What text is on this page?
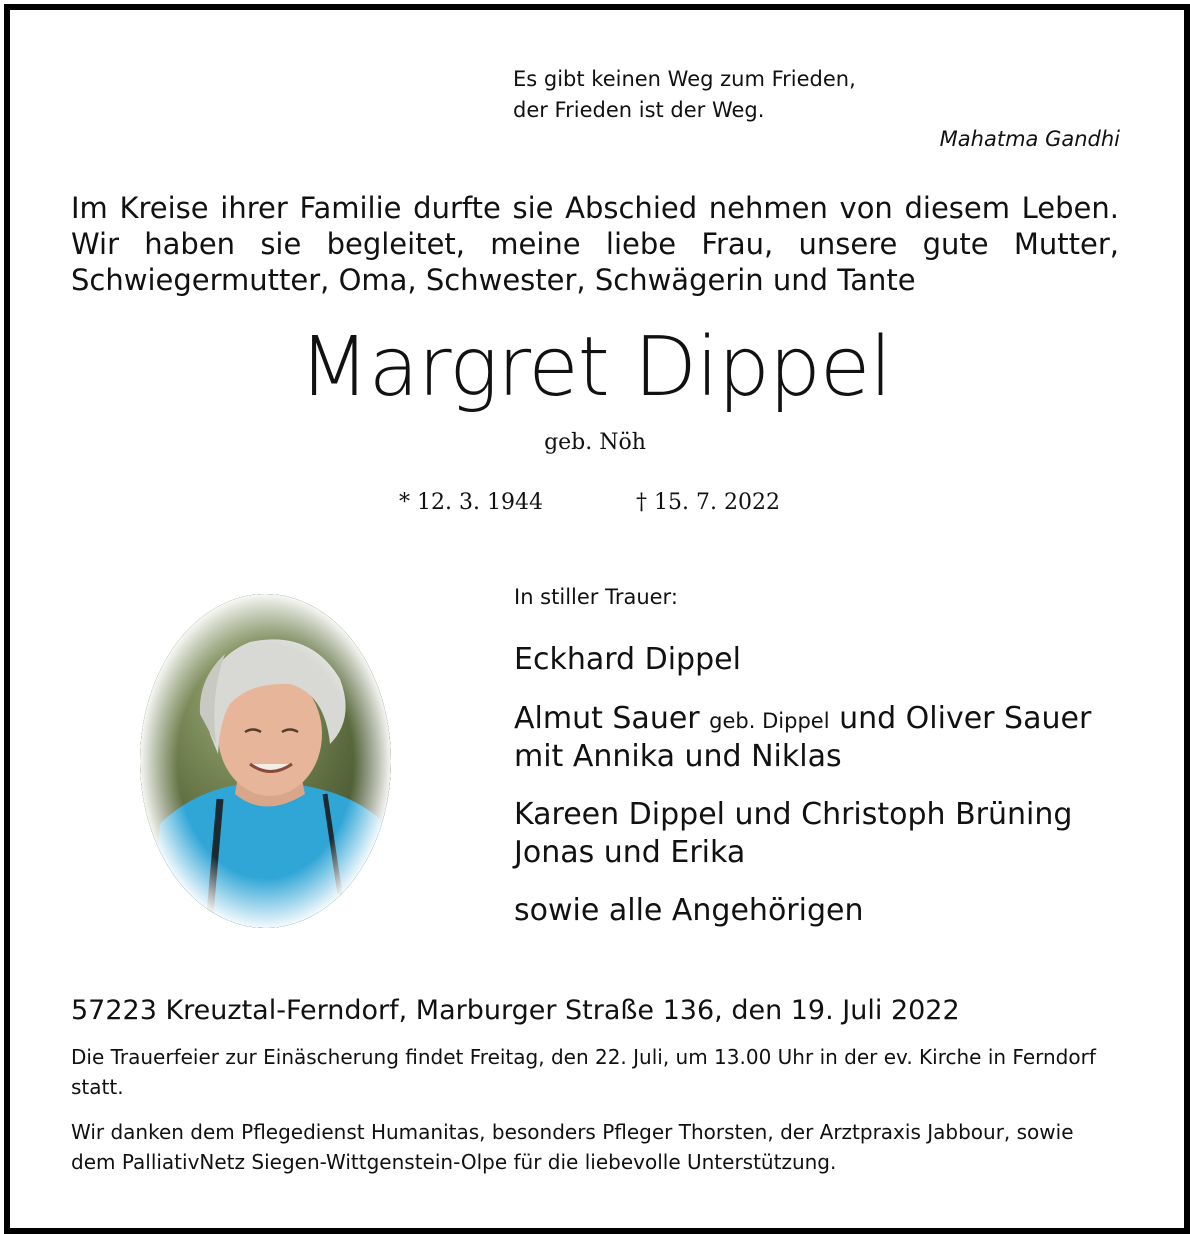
Es gibt keinen Weg zum Frieden,
der Frieden ist der Weg.
Mahatma Gandhi
Im Kreise ihrer Familie durfte sie Abschied nehmen von diesem Leben.
Wir haben sie begleitet, meine liebe Frau, unsere gute Mutter,
Schwiegermutter, Oma, Schwester, Schwägerin und Tante
Margret Dippel
geb. Nöh
* 12. 3. 1944	† 15. 7. 2022
In stiller Trauer:
Eckhard Dippel
Almut Sauer geb. Dippel und Oliver Sauer
mit Annika und Niklas
Kareen Dippel und Christoph Brüning
Jonas und Erika
sowie alle Angehörigen
57223 Kreuztal-Ferndorf, Marburger Straße 136, den 19. Juli 2022
Die Trauerfeier zur Einäscherung findet Freitag, den 22. Juli, um 13.00 Uhr in der ev. Kirche in Ferndorf statt.
Wir danken dem Pflegedienst Humanitas, besonders Pfleger Thorsten, der Arztpraxis Jabbour, sowie dem PalliativNetz Siegen-Wittgenstein-Olpe für die liebevolle Unterstützung.
